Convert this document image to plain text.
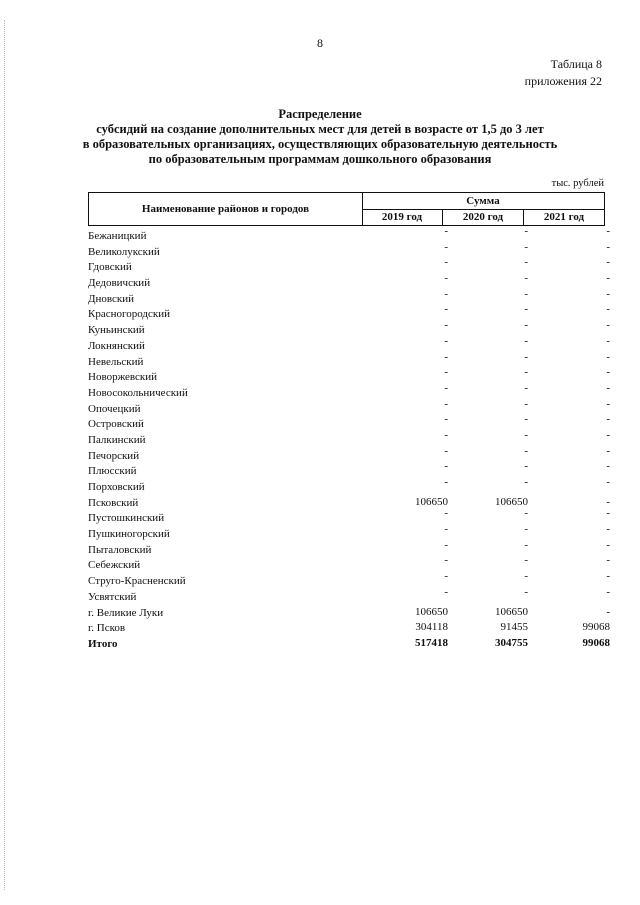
8
Таблица 8
приложения 22
Распределение
субсидий на создание дополнительных мест для детей в возрасте от 1,5 до 3 лет
в образовательных организациях, осуществляющих образовательную деятельность
по образовательным программам дошкольного образования
тыс. рублей
Наименование районов и городов
Сумма
2019 год	2020 год	2021 год
Бежаницкий	-	-	-
Великолукский	-	-	-
Гдовский	-	-	-
Дедовичский	-	-	-
Дновский	-	-	-
Красногородский	-	-	-
Куньинский	-	-	-
Локнянский	-	-	-
Невельский	-	-	-
Новоржевский	-	-	-
Новосокольнический	-	-	-
Опочецкий	-	-	-
Островский	-	-	-
Палкинский	-	-	-
Печорский	-	-	-
Плюсский	-	-	-
Порховский	-	-	-
Псковский	106650	106650	-
Пустошкинский	-	-	-
Пушкиногорский	-	-	-
Пыталовский	-	-	-
Себежский	-	-	-
Струго-Красненский	-	-	-
Усвятский	-	-	-
г. Великие Луки	106650	106650	-
г. Псков	304118	91455	99068
Итого	517418	304755	99068
